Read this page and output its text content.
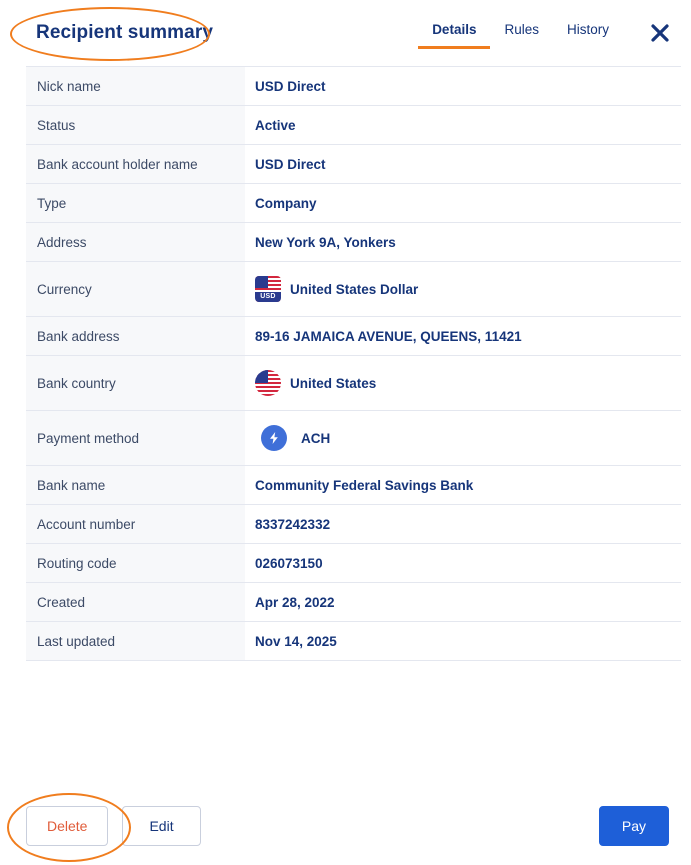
Recipient summary	Details	Rules	History
Nick name	USD Direct

Status	Active

Bank account holder name	USD Direct

Type	Company

Address	New York 9A, Yonkers

Currency	USD United States Dollar

Bank address	89-16 JAMAICA AVENUE, QUEENS, 11421

Bank country	United States

Payment method	ACH

Bank name	Community Federal Savings Bank

Account number	8337242332

Routing code	026073150

Created	Apr 28, 2022

Last updated	Nov 14, 2025
Delete	Edit	Pay
